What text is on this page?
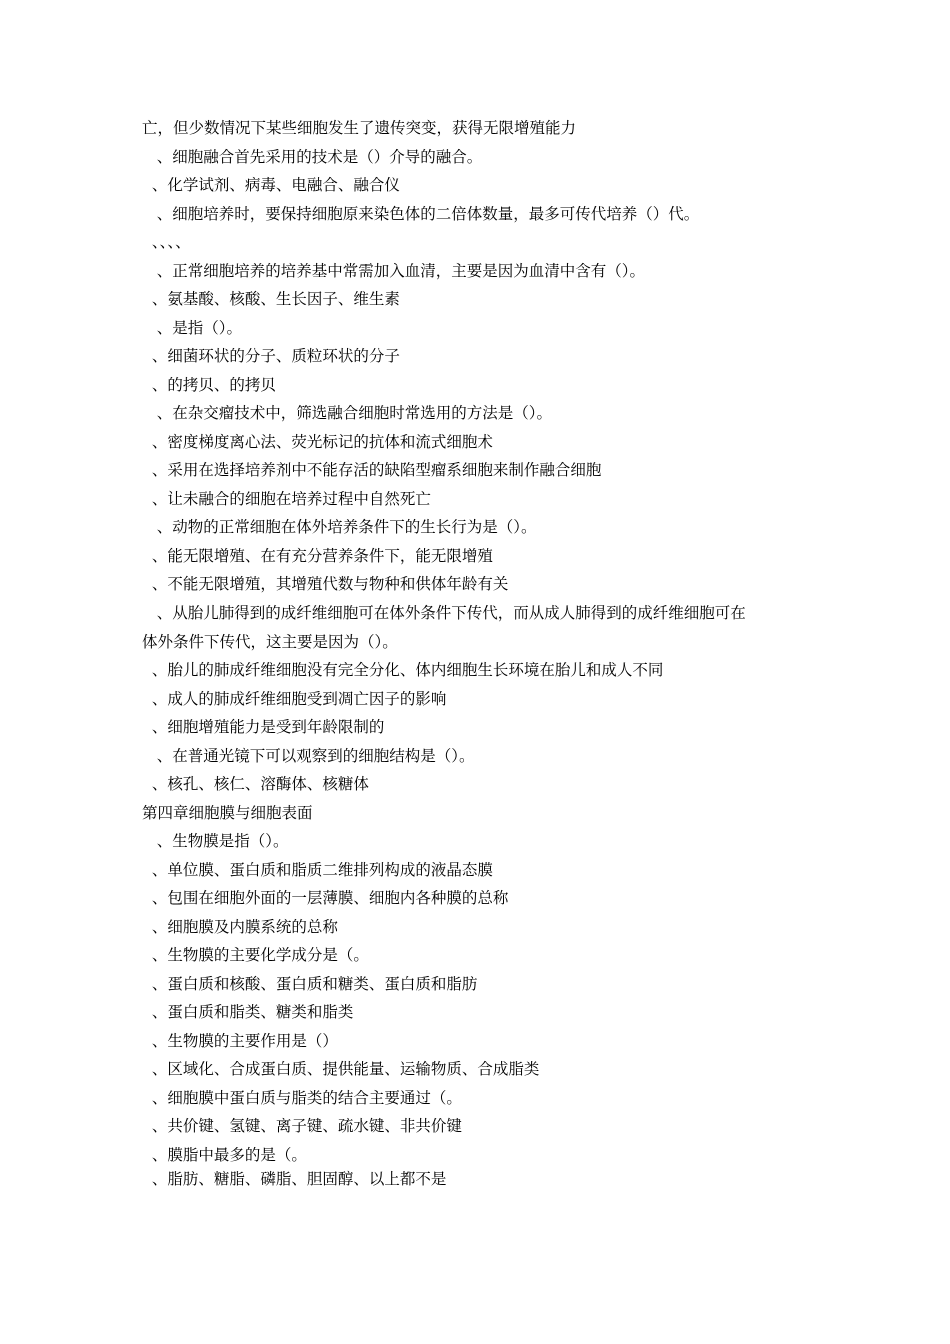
亡，但少数情况下某些细胞发生了遗传突变，获得无限增殖能力
、细胞融合首先采用的技术是（）介导的融合。
、化学试剂、病毒、电融合、融合仪
、细胞培养时，要保持细胞原来染色体的二倍体数量，最多可传代培养（）代。
、、、、
、正常细胞培养的培养基中常需加入血清，主要是因为血清中含有（）。
、氨基酸、核酸、生长因子、维生素
、是指（）。
、细菌环状的分子、质粒环状的分子
、的拷贝、的拷贝
、在杂交瘤技术中，筛选融合细胞时常选用的方法是（）。
、密度梯度离心法、荧光标记的抗体和流式细胞术
、采用在选择培养剂中不能存活的缺陷型瘤系细胞来制作融合细胞
、让未融合的细胞在培养过程中自然死亡
、动物的正常细胞在体外培养条件下的生长行为是（）。
、能无限增殖、在有充分营养条件下，能无限增殖
、不能无限增殖，其增殖代数与物种和供体年龄有关
、从胎儿肺得到的成纤维细胞可在体外条件下传代，而从成人肺得到的成纤维细胞可在
体外条件下传代，这主要是因为（）。
、胎儿的肺成纤维细胞没有完全分化、体内细胞生长环境在胎儿和成人不同
、成人的肺成纤维细胞受到凋亡因子的影响
、细胞增殖能力是受到年龄限制的
、在普通光镜下可以观察到的细胞结构是（）。
、核孔、核仁、溶酶体、核糖体
第四章细胞膜与细胞表面
、生物膜是指（）。
、单位膜、蛋白质和脂质二维排列构成的液晶态膜
、包围在细胞外面的一层薄膜、细胞内各种膜的总称
、细胞膜及内膜系统的总称
、生物膜的主要化学成分是（。
、蛋白质和核酸、蛋白质和糖类、蛋白质和脂肪
、蛋白质和脂类、糖类和脂类
、生物膜的主要作用是（）
、区域化、合成蛋白质、提供能量、运输物质、合成脂类
、细胞膜中蛋白质与脂类的结合主要通过（。
、共价键、氢键、离子键、疏水键、非共价键
、膜脂中最多的是（。
、脂肪、糖脂、磷脂、胆固醇、以上都不是
